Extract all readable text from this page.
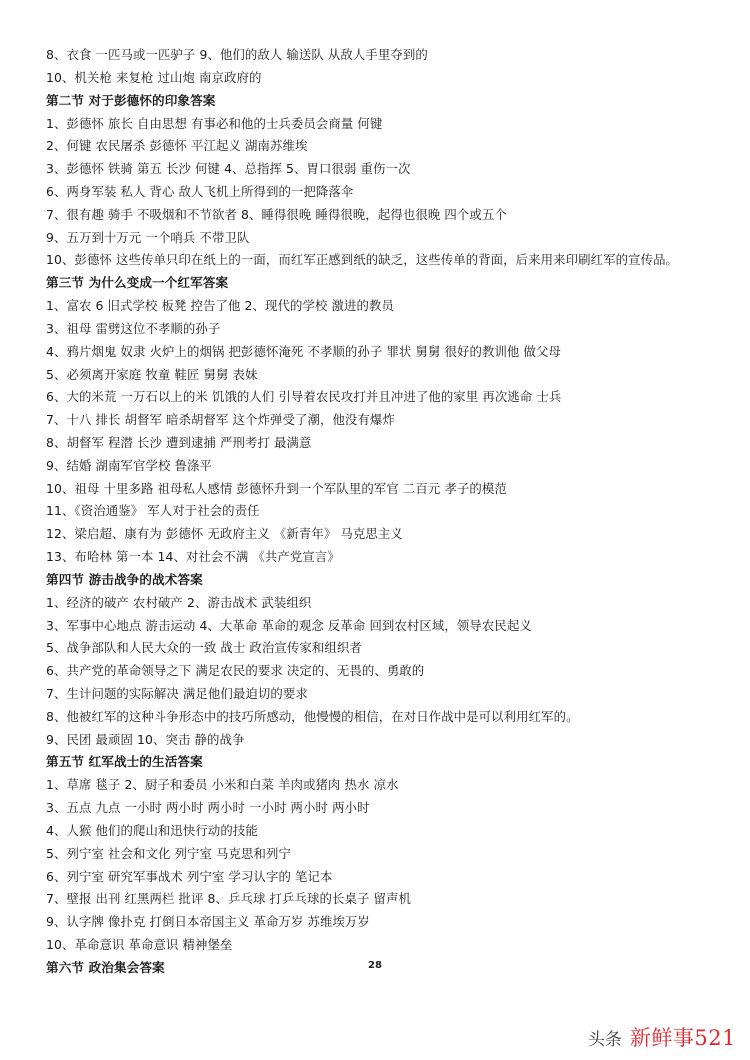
8、衣食 一匹马或一匹驴子 9、他们的敌人 输送队 从敌人手里夺到的
10、机关枪 来复枪 过山炮 南京政府的
第二节 对于彭德怀的印象答案
1、彭德怀 旅长 自由思想 有事必和他的士兵委员会商量 何键
2、何键 农民屠杀 彭德怀 平江起义 湖南苏维埃
3、彭德怀 铁骑 第五 长沙 何键 4、总指挥 5、胃口很弱 重伤一次
6、两身军装 私人 背心 敌人飞机上所得到的一把降落伞
7、很有趣 骑手 不吸烟和不节欲者 8、睡得很晚 睡得很晚，起得也很晚 四个或五个
9、五万到十万元 一个哨兵 不带卫队
10、彭德怀 这些传单只印在纸上的一面，而红军正感到纸的缺乏，这些传单的背面，后来用来印刷红军的宣传品。
第三节 为什么变成一个红军答案
1、富农 6 旧式学校 板凳 控告了他 2、现代的学校 激进的教员
3、祖母 雷劈这位不孝顺的孙子
4、鸦片烟鬼 奴隶 火炉上的烟锅 把彭德怀淹死 不孝顺的孙子 罪状 舅舅 很好的教训他 做父母
5、必须离开家庭 牧童 鞋匠 舅舅 表妹
6、大的米荒 一万石以上的米 饥饿的人们 引导着农民攻打并且冲进了他的家里 再次逃命 士兵
7、十八 排长 胡督军 暗杀胡督军 这个炸弹受了潮，他没有爆炸
8、胡督军 程潜 长沙 遭到逮捕 严刑考打 最满意
9、结婚 湖南军官学校 鲁涤平
10、祖母 十里多路 祖母私人感情 彭德怀升到一个军队里的军官 二百元 孝子的模范
11、《资治通鉴》 军人对于社会的责任
12、梁启超、康有为 彭德怀 无政府主义 《新青年》 马克思主义
13、布哈林 第一本 14、对社会不满 《共产党宣言》
第四节 游击战争的战术答案
1、经济的破产 农村破产 2、游击战术 武装组织
3、军事中心地点 游击运动 4、大革命 革命的观念 反革命 回到农村区域，领导农民起义
5、战争部队和人民大众的一致 战士 政治宣传家和组织者
6、共产党的革命领导之下 满足农民的要求 决定的、无畏的、勇敢的
7、生计问题的实际解决 满足他们最迫切的要求
8、他被红军的这种斗争形态中的技巧所感动，他慢慢的相信，在对日作战中是可以利用红军的。
9、民团 最顽固 10、突击 静的战争
第五节 红军战士的生活答案
1、草席 毯子 2、厨子和委员 小米和白菜 羊肉或猪肉 热水 凉水
3、五点 九点 一小时 两小时 两小时 一小时 两小时 两小时
4、人猴 他们的爬山和迅快行动的技能
5、列宁室 社会和文化 列宁室 马克思和列宁
6、列宁室 研究军事战术 列宁室 学习认字的 笔记本
7、壁报 出刊 红黑两栏 批评 8、乒乓球 打乒乓球的长桌子 留声机
9、认字牌 像扑克 打倒日本帝国主义 革命万岁 苏维埃万岁
10、革命意识 革命意识 精神堡垒
第六节 政治集会答案	28
头条 新鲜事521
